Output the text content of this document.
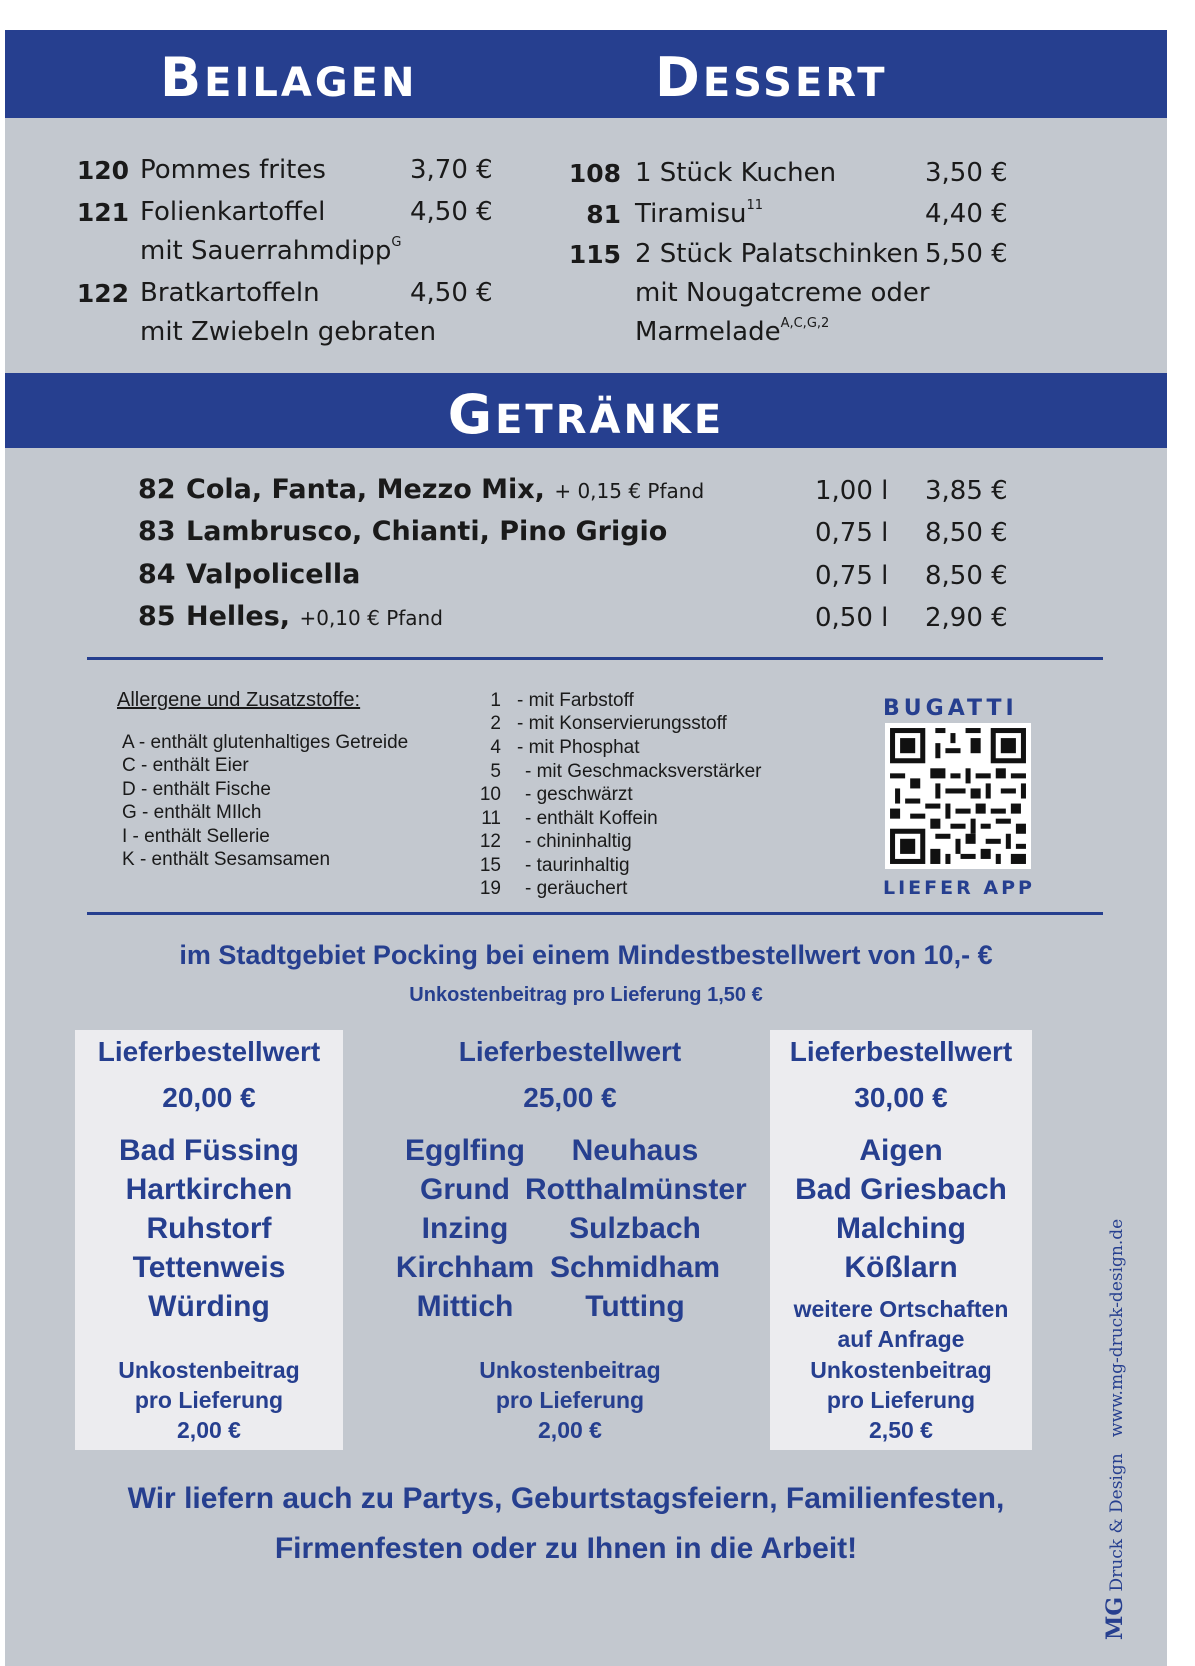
BEILAGEN	DESSERT
120 Pommes frites	3,70 €
121 Folienkartoffel	4,50 €
mit Sauerrahmdipp$^G$
122 Bratkartoffeln	4,50 €
mit Zwiebeln gebraten
108 1 Stück Kuchen	3,50 €
81 Tiramisu$^{11}$	4,40 €
115 2 Stück Palatschinken 5,50 €
mit Nougatcreme oder
Marmelade$^{A,C,G,2}$
GETRÄNKE
82 Cola, Fanta, Mezzo Mix, + 0,15 € Pfand	1,00 l 3,85 €
83 Lambrusco, Chianti, Pino Grigio	0,75 l 8,50 €
84 Valpolicella	0,75 l 8,50 €
85 Helles, +0,10 € Pfand	0,50 l 2,90 €
Allergene und Zusatzstoffe:
A - enthält glutenhaltiges Getreide
C - enthält Eier
D - enthält Fische
G - enthält MIlch
I - enthält Sellerie
K - enthält Sesamsamen
1 - mit Farbstoff
2 - mit Konservierungsstoff
4 - mit Phosphat
5 - mit Geschmacksverstärker
10 - geschwärzt
11 - enthält Koffein
12 - chininhaltig
15 - taurinhaltig
19 - geräuchert
BUGATTI
LIEFER APP
im Stadtgebiet Pocking bei einem Mindestbestellwert von 10,- €
Unkostenbeitrag pro Lieferung 1,50 €
Lieferbestellwert
20,00 €
Bad Füssing
Hartkirchen
Ruhstorf
Tettenweis
Würding
Unkostenbeitrag
pro Lieferung
2,00 €
Lieferbestellwert
25,00 €
Egglfing
Grund
Inzing
Kirchham
Mittich
Neuhaus
Rotthalmünster
Sulzbach
Schmidham
Tutting
Unkostenbeitrag
pro Lieferung
2,00 €
Lieferbestellwert
30,00 €
Aigen
Bad Griesbach
Malching
Kößlarn
weitere Ortschaften
auf Anfrage
Unkostenbeitrag
pro Lieferung
2,50 €
Wir liefern auch zu Partys, Geburtstagsfeiern, Familienfesten,
Firmenfesten oder zu Ihnen in die Arbeit!
MG Druck & Design   www.mg-druck-design.de
